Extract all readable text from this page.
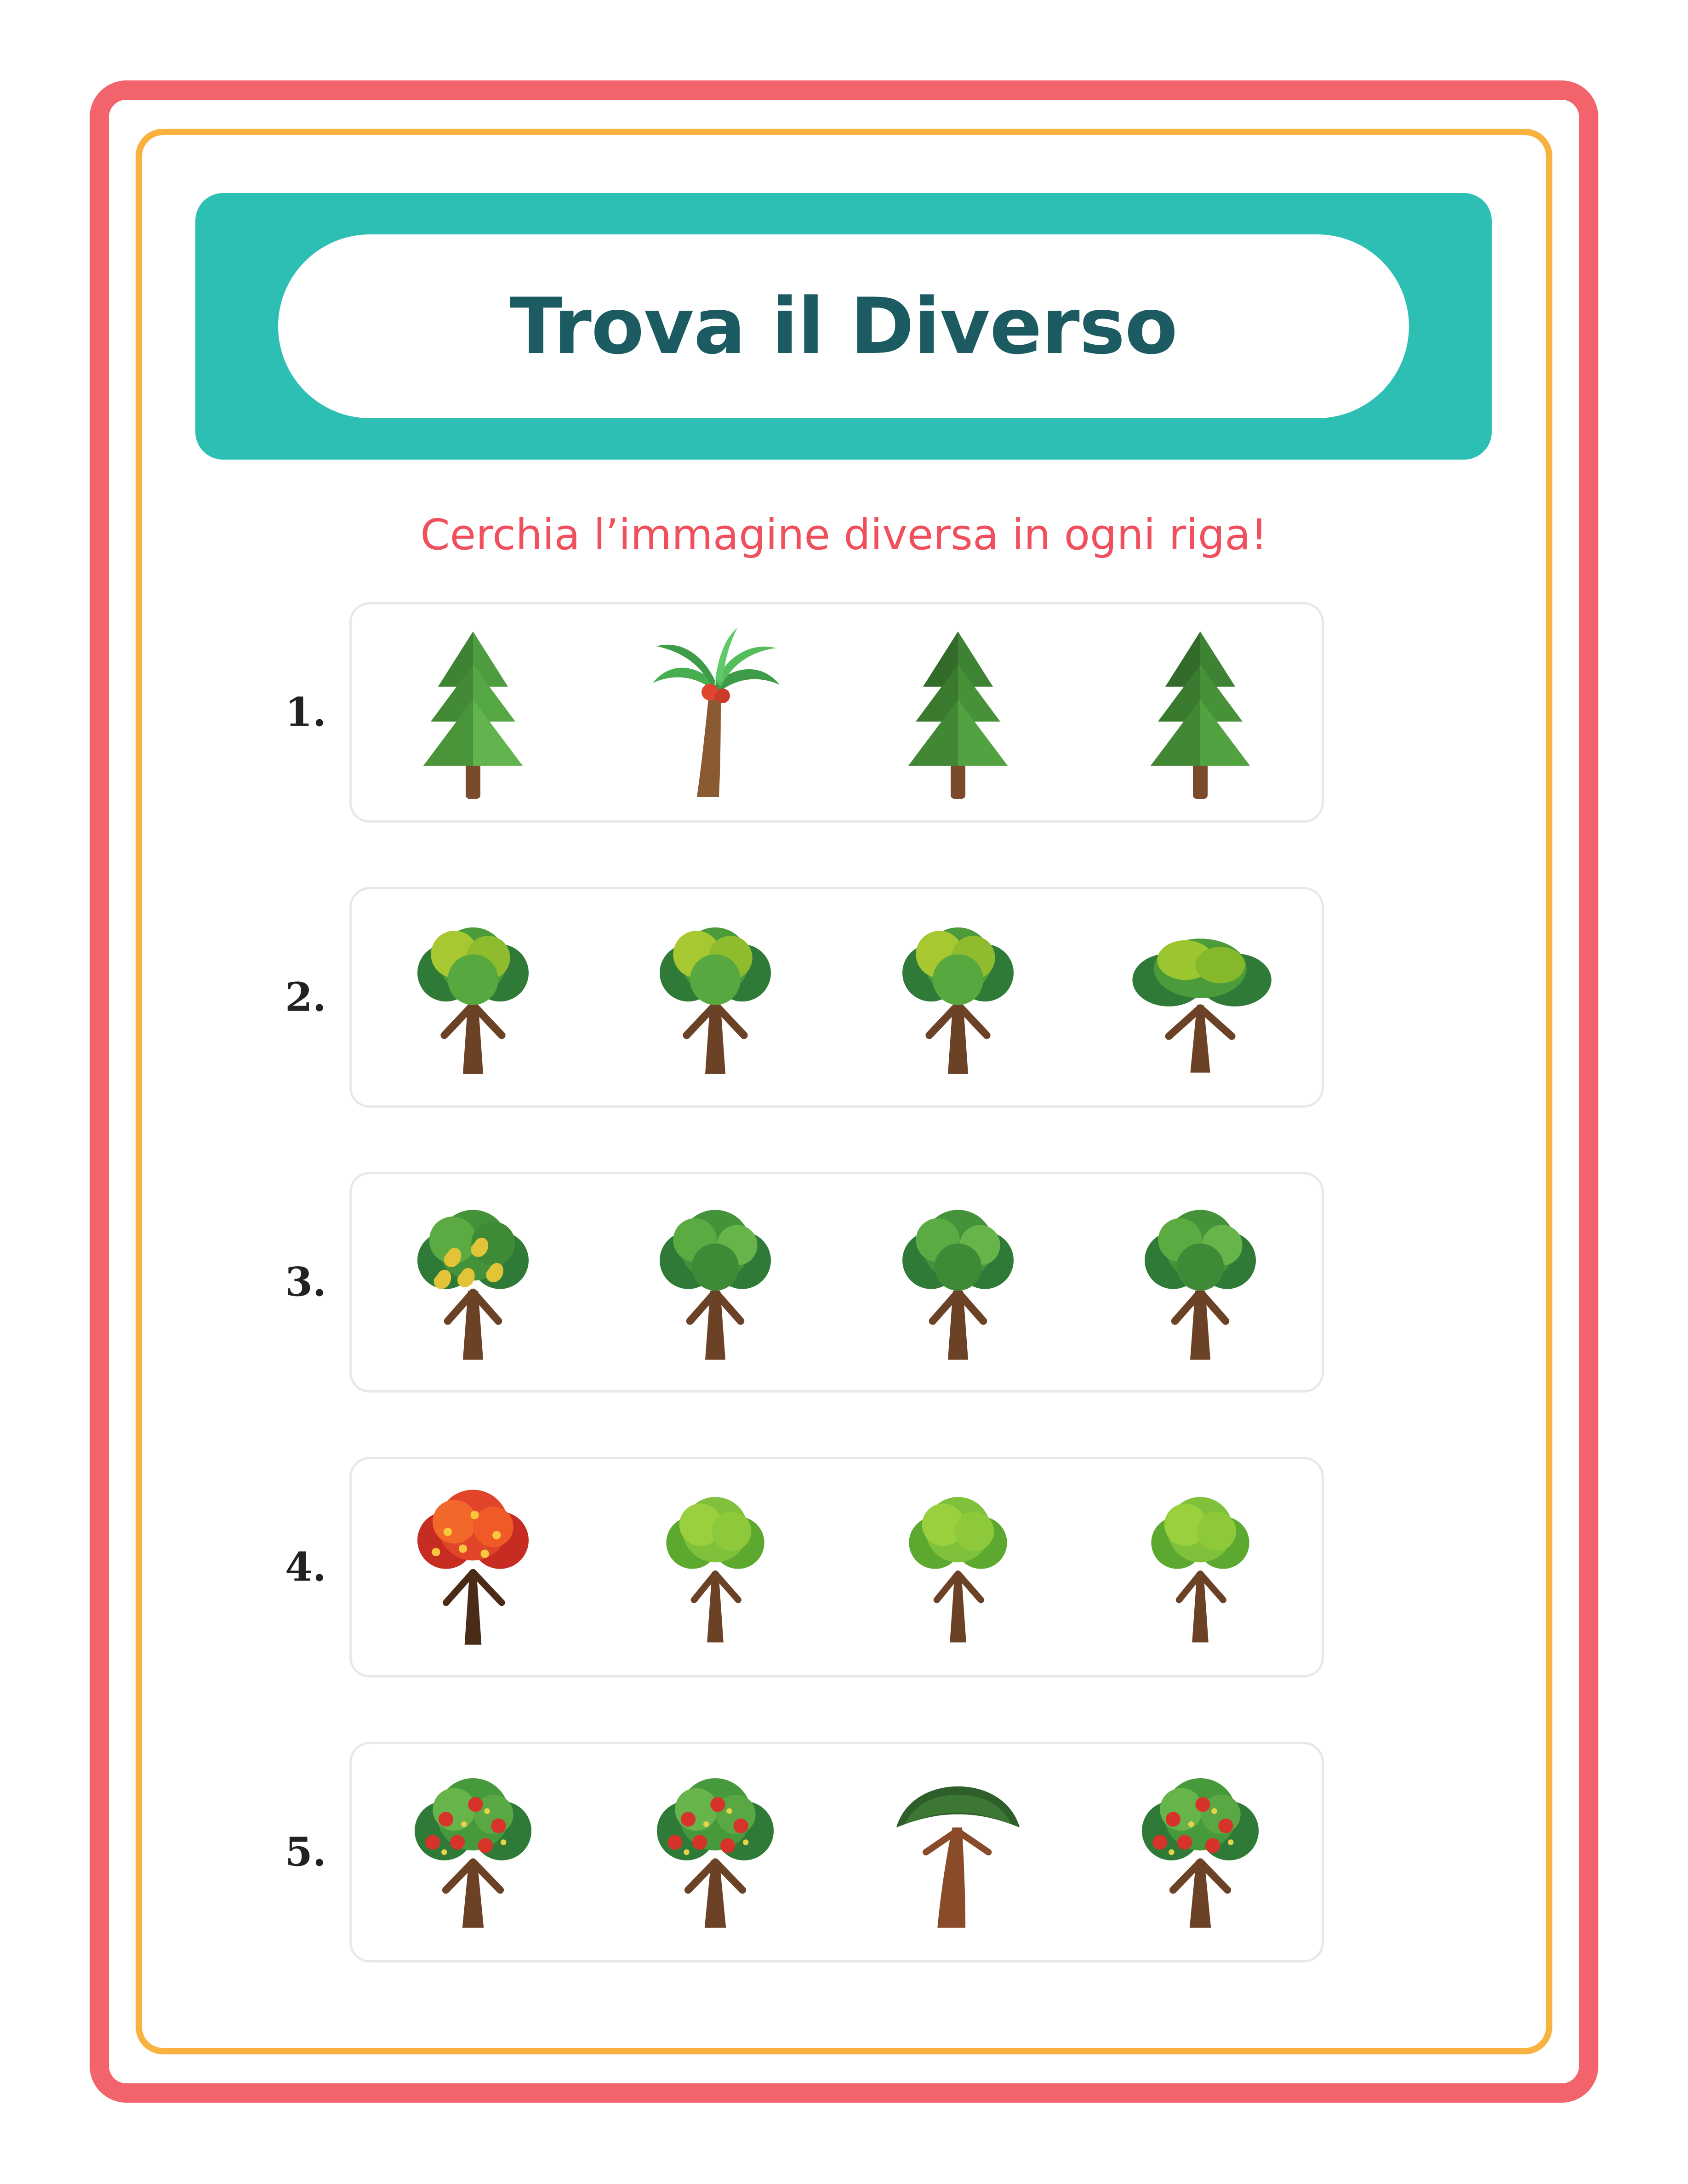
Trova il Diverso
Cerchia l’immagine diversa in ogni riga!
1.
2.
3.
4.
5.
